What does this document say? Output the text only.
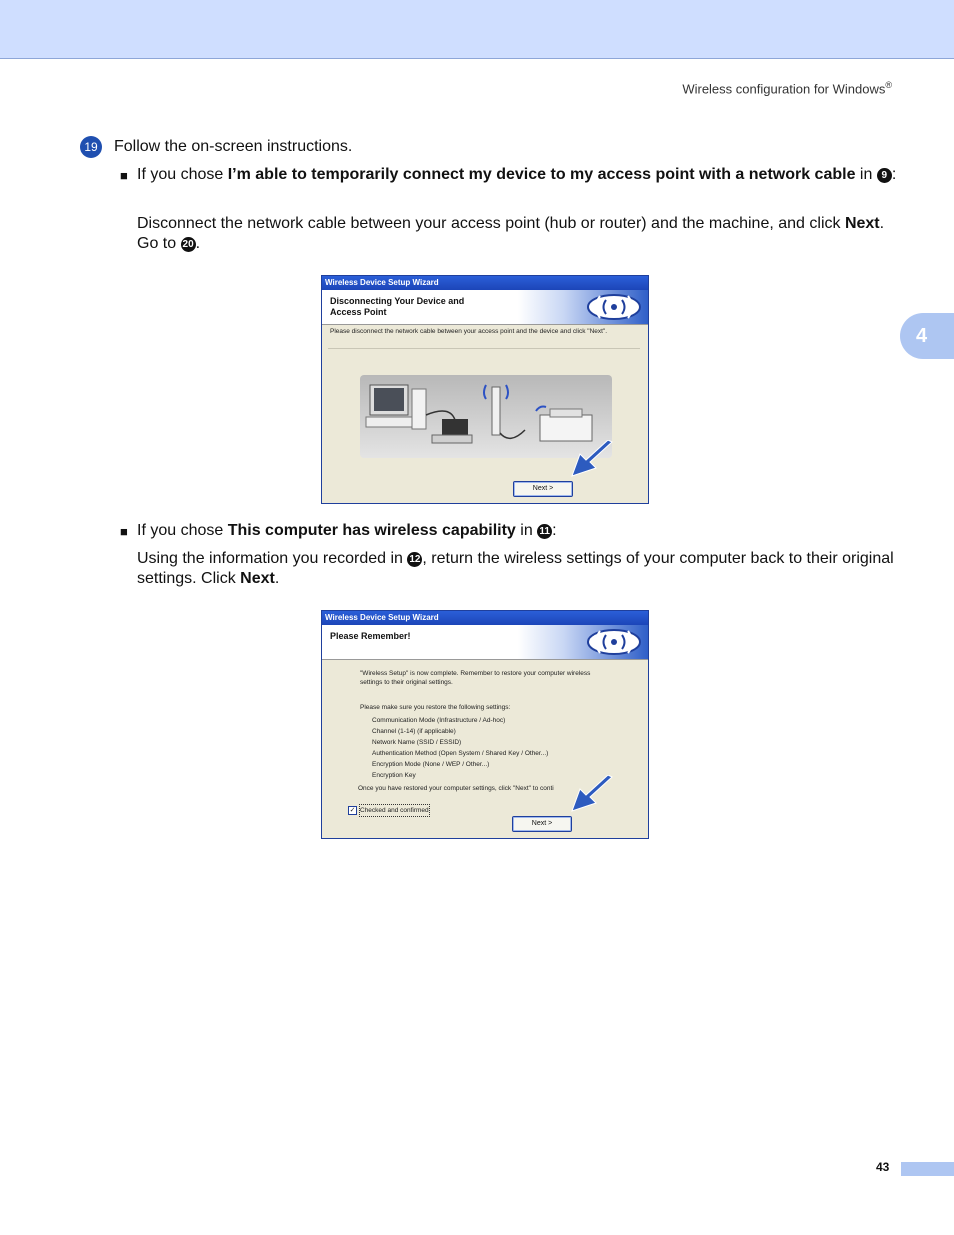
Wireless configuration for Windows®
4
19 Follow the on-screen instructions.
■ If you chose I’m able to temporarily connect my device to my access point with a network cable in 9 :
Disconnect the network cable between your access point (hub or router) and the machine, and click Next. Go to 20 .
Wireless Device Setup Wizard
Disconnecting Your Device and
Access Point
Please disconnect the network cable between your access point and the device and click "Next".
Next >
■ If you chose This computer has wireless capability in 11 :
Using the information you recorded in 12 , return the wireless settings of your computer back to their original settings. Click Next.
Wireless Device Setup Wizard
Please Remember!
"Wireless Setup" is now complete. Remember to restore your computer wireless
settings to their original settings.
Please make sure you restore the following settings:
Communication Mode (Infrastructure / Ad-hoc)
Channel (1-14) (if applicable)
Network Name (SSID / ESSID)
Authentication Method (Open System / Shared Key / Other...)
Encryption Mode (None / WEP / Other...)
Encryption Key
Once you have restored your computer settings, click "Next" to conti
✓ Checked and confirmed
Next >
43
